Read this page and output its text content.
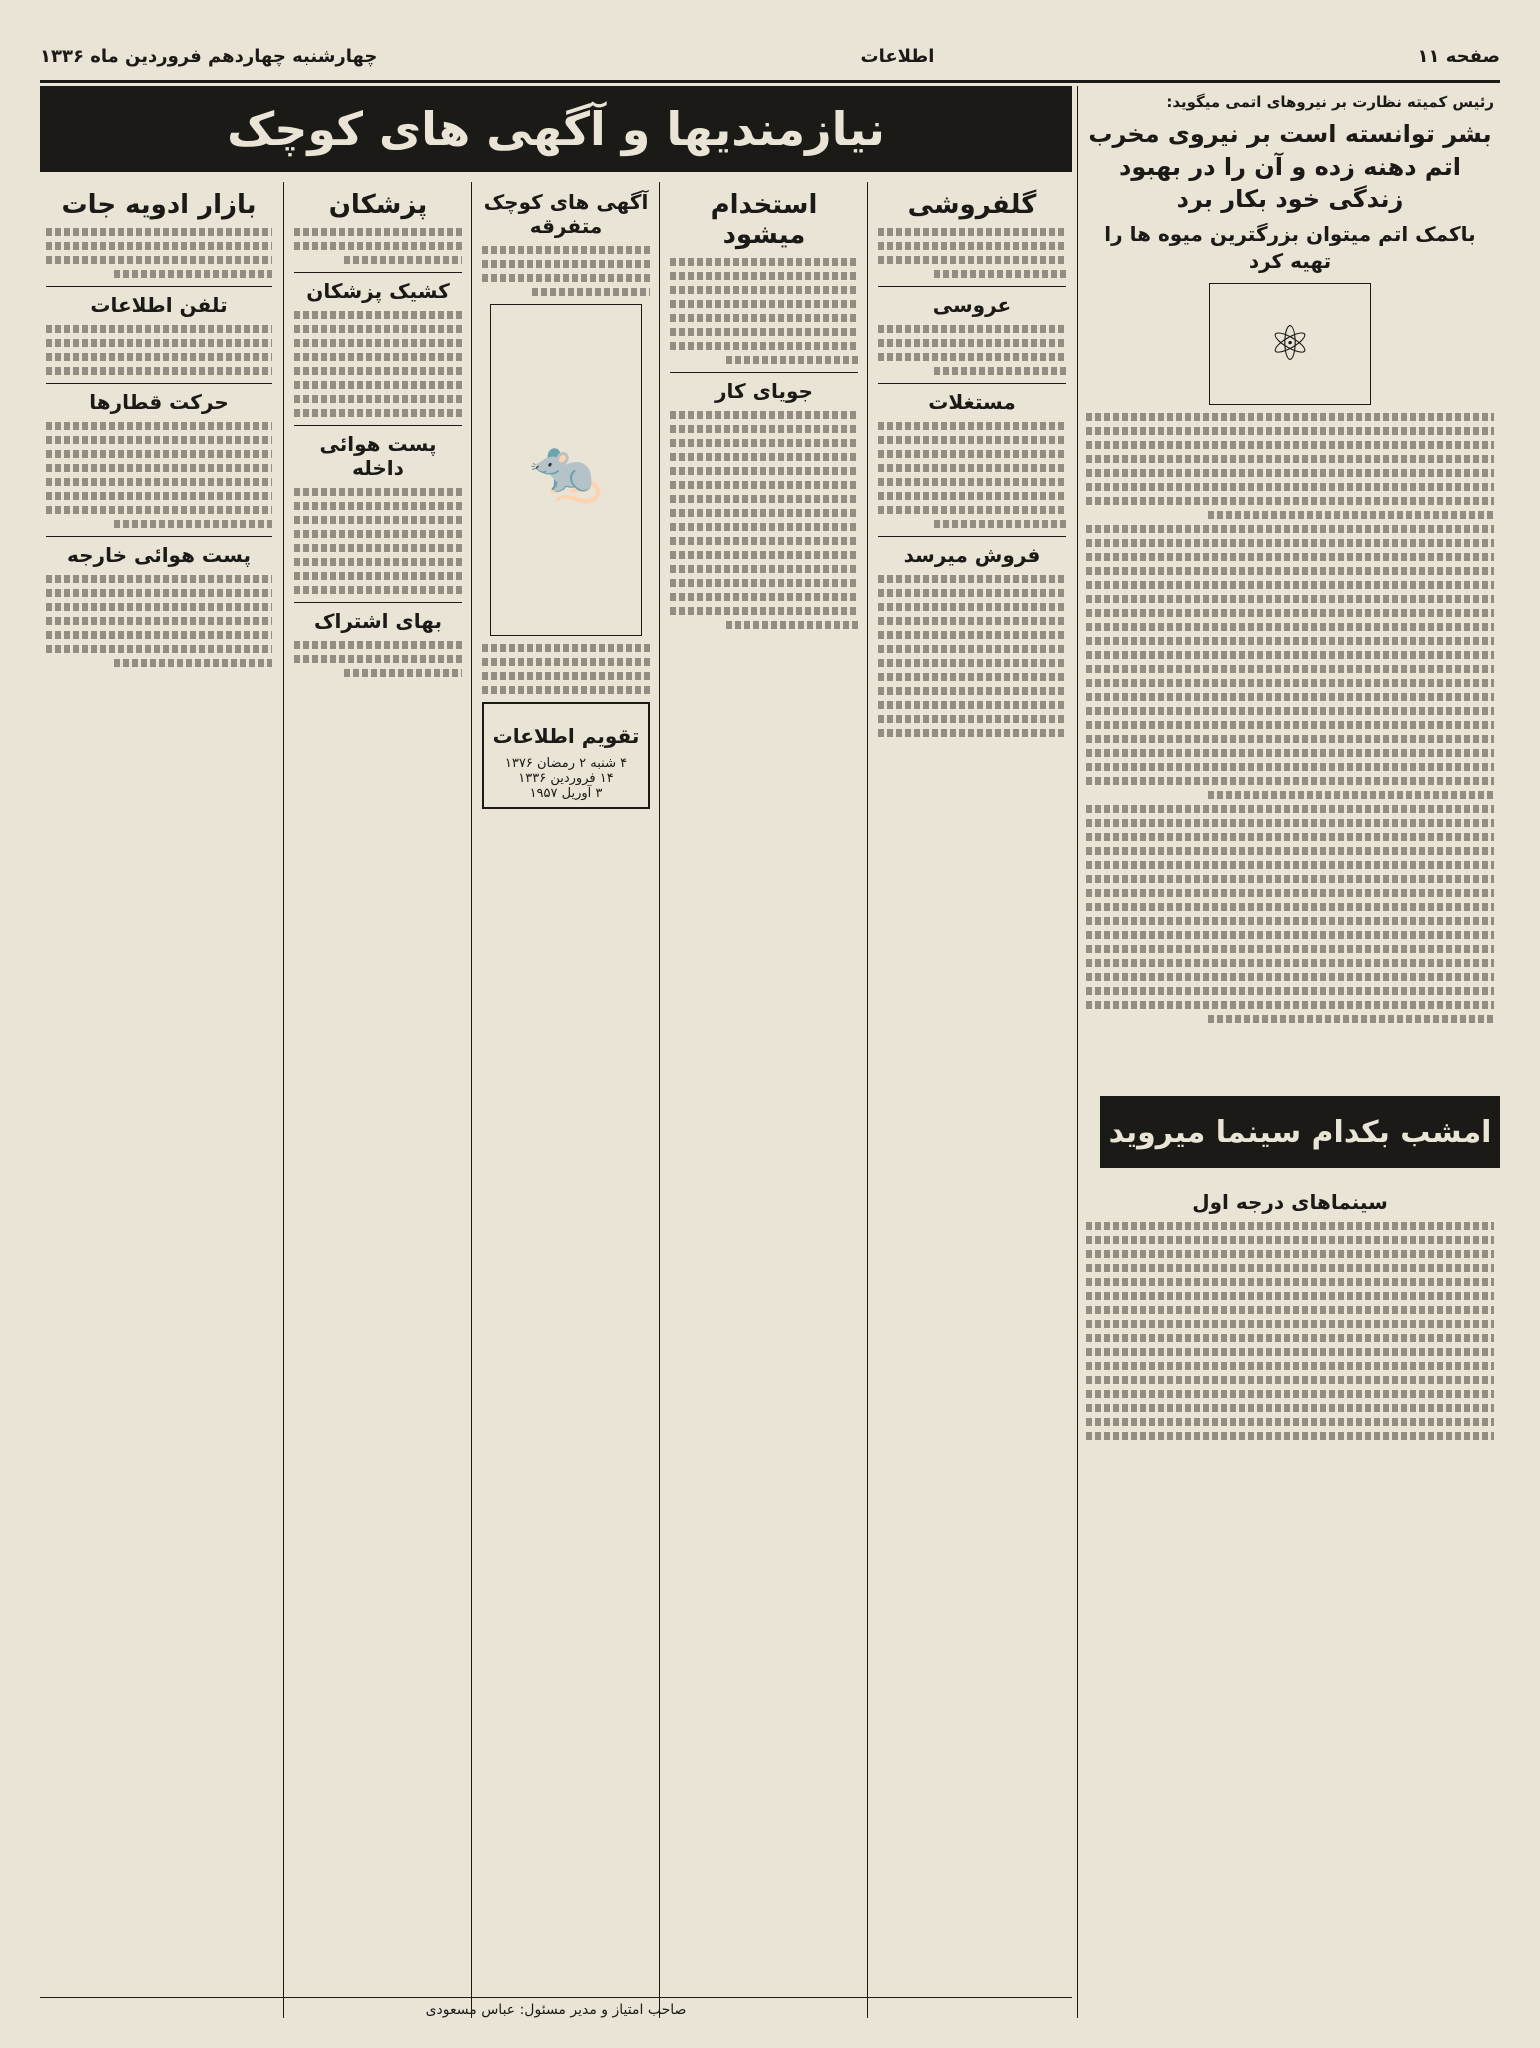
صفحه ۱۱
اطلاعات
چهارشنبه چهاردهم فروردین ماه ۱۳۳۶
رئیس کمیته نظارت بر نیروهای اتمی میگوید:
بشر توانسته است بر نیروی مخرب اتم دهنه زده و آن را در بهبود زندگی خود بکار برد
باکمک اتم میتوان بزرگترین میوه ها را تهیه کرد
⚛
نیازمندیها و آگهی های کوچک
گلفروشی
عروسی
مستغلات
فروش میرسد
استخدام میشود
جویای کار
آگهی های کوچک متفرقه
🐀
تقویم اطلاعات
۴ شنبه ۲ رمضان ۱۳۷۶
۱۴ فروردین ۱۳۳۶
۳ آوریل ۱۹۵۷
پزشکان
کشیک پزشکان
پست هوائی داخله
بهای اشتراک
بازار ادویه جات
تلفن اطلاعات
حرکت قطارها
پست هوائی خارجه
امشب بکدام سینما میروید
سینماهای درجه اول
صاحب امتیاز و مدیر مسئول: عباس مسعودی
